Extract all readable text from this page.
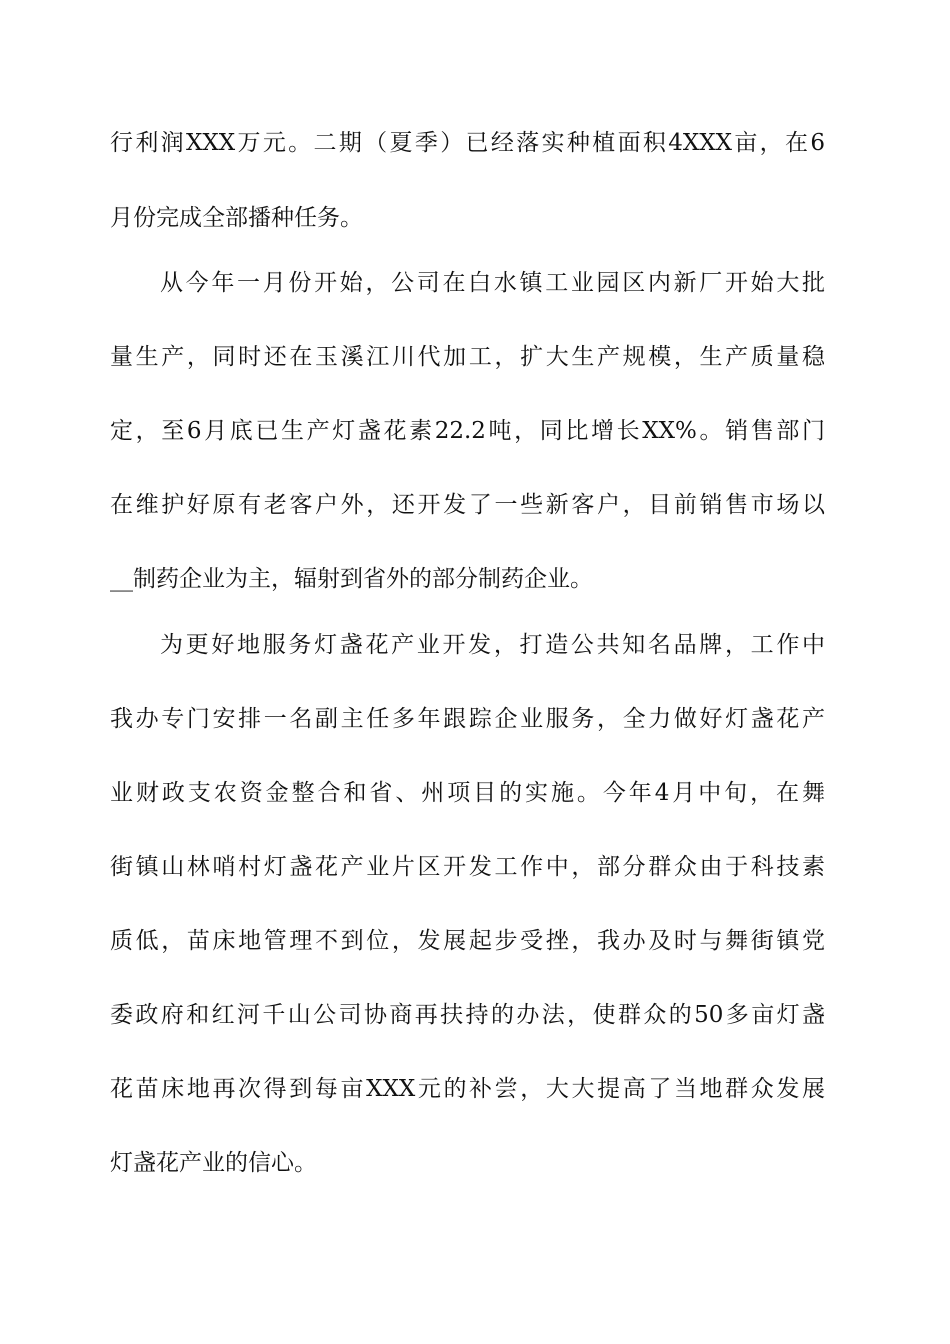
行利润XXX万元。二期（夏季）已经落实种植面积4XXX亩，在6
月份完成全部播种任务。
从今年一月份开始，公司在白水镇工业园区内新厂开始大批
量生产，同时还在玉溪江川代加工，扩大生产规模，生产质量稳
定，至6月底已生产灯盏花素22.2吨，同比增长XX%。销售部门
在维护好原有老客户外，还开发了一些新客户，目前销售市场以
__制药企业为主，辐射到省外的部分制药企业。
为更好地服务灯盏花产业开发，打造公共知名品牌，工作中
我办专门安排一名副主任多年跟踪企业服务，全力做好灯盏花产
业财政支农资金整合和省、州项目的实施。今年4月中旬，在舞
街镇山林哨村灯盏花产业片区开发工作中，部分群众由于科技素
质低，苗床地管理不到位，发展起步受挫，我办及时与舞街镇党
委政府和红河千山公司协商再扶持的办法，使群众的50多亩灯盏
花苗床地再次得到每亩XXX元的补尝，大大提高了当地群众发展
灯盏花产业的信心。
